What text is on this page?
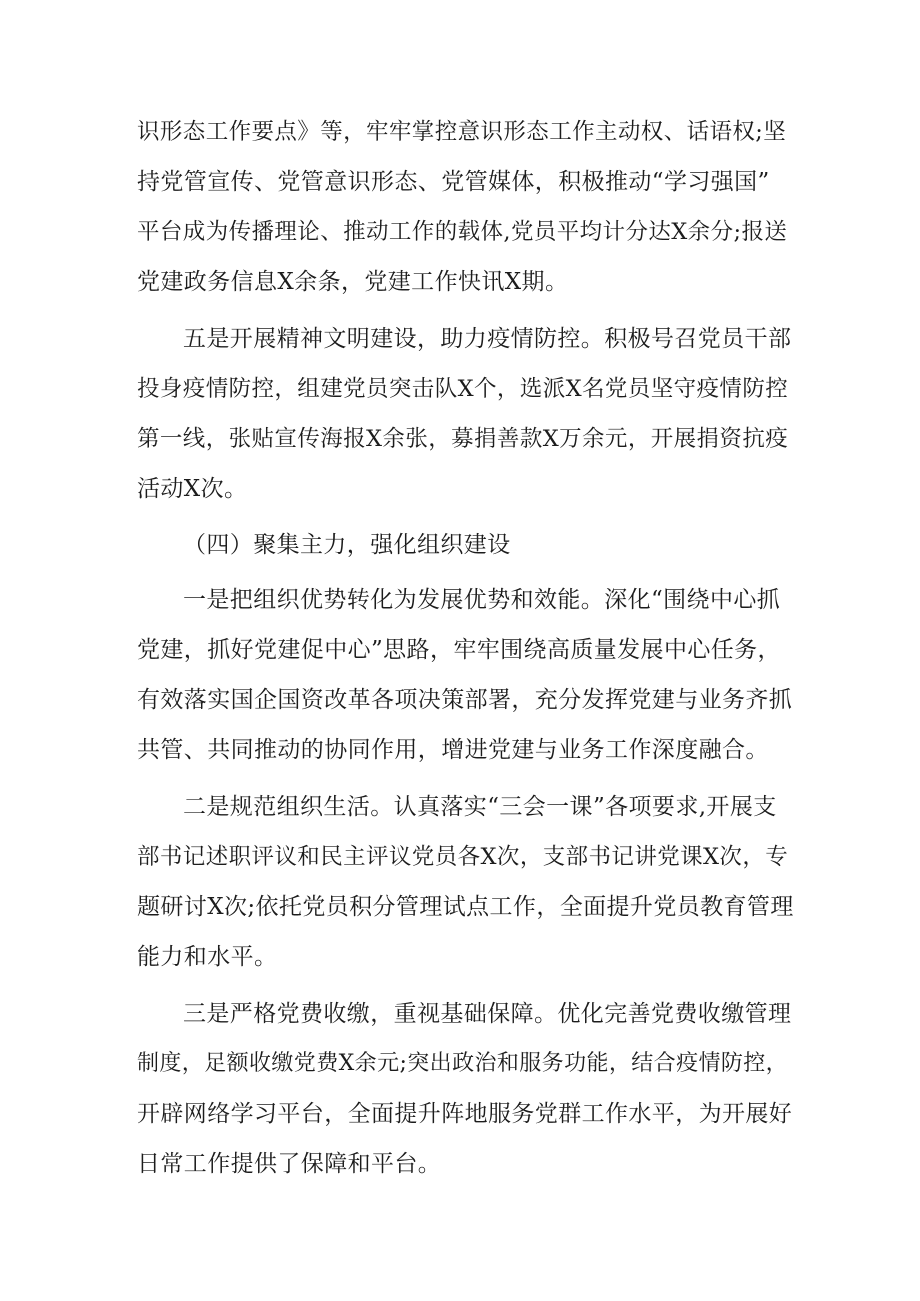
识形态工作要点》等，牢牢掌控意识形态工作主动权、话语权;坚

持党管宣传、党管意识形态、党管媒体，积极推动“学习强国”

平台成为传播理论、推动工作的载体,党员平均计分达X余分;报送

党建政务信息X余条，党建工作快讯X期。

五是开展精神文明建设，助力疫情防控。积极号召党员干部

投身疫情防控，组建党员突击队X个，选派X名党员坚守疫情防控

第一线，张贴宣传海报X余张，募捐善款X万余元，开展捐资抗疫

活动X次。

（四）聚集主力，强化组织建设

一是把组织优势转化为发展优势和效能。深化“围绕中心抓

党建，抓好党建促中心”思路，牢牢围绕高质量发展中心任务，

有效落实国企国资改革各项决策部署，充分发挥党建与业务齐抓

共管、共同推动的协同作用，增进党建与业务工作深度融合。

二是规范组织生活。认真落实“三会一课”各项要求,开展支

部书记述职评议和民主评议党员各X次，支部书记讲党课X次，专

题研讨X次;依托党员积分管理试点工作，全面提升党员教育管理

能力和水平。

三是严格党费收缴，重视基础保障。优化完善党费收缴管理

制度，足额收缴党费X余元;突出政治和服务功能，结合疫情防控，

开辟网络学习平台，全面提升阵地服务党群工作水平，为开展好

日常工作提供了保障和平台。
